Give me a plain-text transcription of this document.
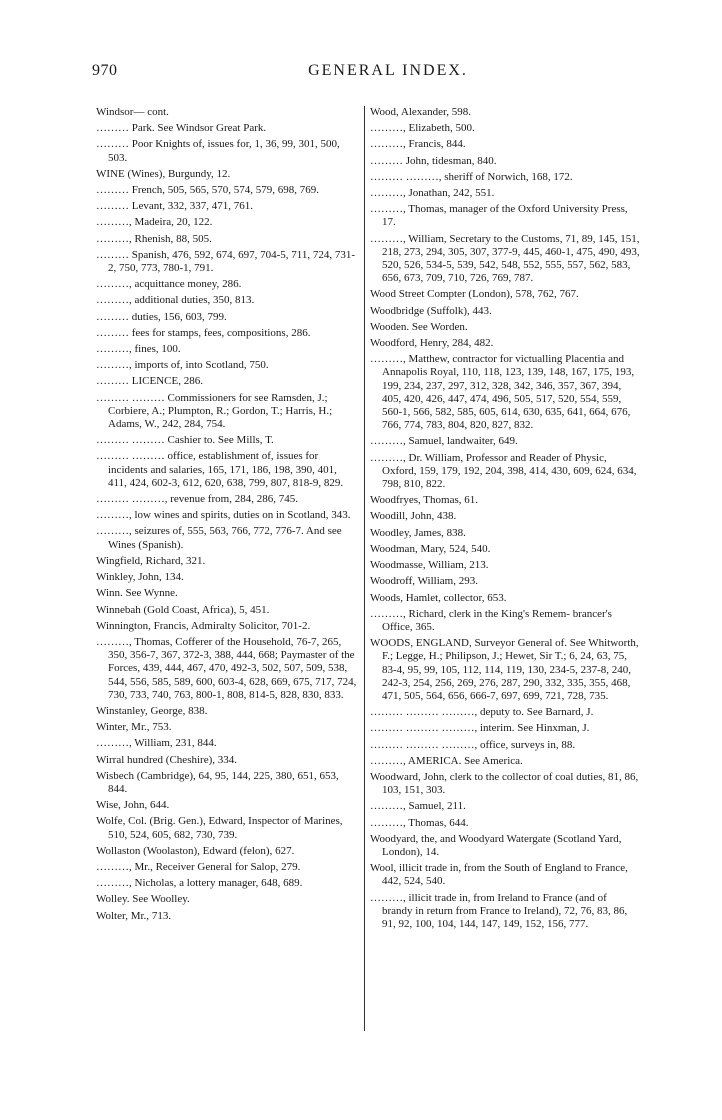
970	GENERAL INDEX.
Windsor— cont.
……… Park. See Windsor Great Park.
……… Poor Knights of, issues for, 1, 36, 99, 301, 500, 503.
WINE (Wines), Burgundy, 12.
……… French, 505, 565, 570, 574, 579, 698, 769.
……… Levant, 332, 337, 471, 761.
………, Madeira, 20, 122.
………, Rhenish, 88, 505.
……… Spanish, 476, 592, 674, 697, 704-5, 711, 724, 731-2, 750, 773, 780-1, 791.
………, acquittance money, 286.
………, additional duties, 350, 813.
……… duties, 156, 603, 799.
……… fees for stamps, fees, compositions, 286.
………, fines, 100.
………, imports of, into Scotland, 750.
……… LICENCE, 286.
……… ……… Commissioners for see Ramsden, J.; Corbiere, A.; Plumpton, R.; Gordon, T.; Harris, H.; Adams, W., 242, 284, 754.
……… ……… Cashier to. See Mills, T.
……… ……… office, establishment of, issues for incidents and salaries, 165, 171, 186, 198, 390, 401, 411, 424, 602-3, 612, 620, 638, 799, 807, 818-9, 829.
……… ………, revenue from, 284, 286, 745.
………, low wines and spirits, duties on in Scotland, 343.
………, seizures of, 555, 563, 766, 772, 776-7. And see Wines (Spanish).
Wingfield, Richard, 321.
Winkley, John, 134.
Winn. See Wynne.
Winnebah (Gold Coast, Africa), 5, 451.
Winnington, Francis, Admiralty Solicitor, 701-2.
………, Thomas, Cofferer of the Household, 76-7, 265, 350, 356-7, 367, 372-3, 388, 444, 668; Paymaster of the Forces, 439, 444, 467, 470, 492-3, 502, 507, 509, 538, 544, 556, 585, 589, 600, 603-4, 628, 669, 675, 717, 724, 730, 733, 740, 763, 800-1, 808, 814-5, 828, 830, 833.
Winstanley, George, 838.
Winter, Mr., 753.
………, William, 231, 844.
Wirral hundred (Cheshire), 334.
Wisbech (Cambridge), 64, 95, 144, 225, 380, 651, 653, 844.
Wise, John, 644.
Wolfe, Col. (Brig. Gen.), Edward, Inspector of Marines, 510, 524, 605, 682, 730, 739.
Wollaston (Woolaston), Edward (felon), 627.
………, Mr., Receiver General for Salop, 279.
………, Nicholas, a lottery manager, 648, 689.
Wolley. See Woolley.
Wolter, Mr., 713.
Wood, Alexander, 598.
………, Elizabeth, 500.
………, Francis, 844.
……… John, tidesman, 840.
……… ………, sheriff of Norwich, 168, 172.
………, Jonathan, 242, 551.
………, Thomas, manager of the Oxford University Press, 17.
………, William, Secretary to the Customs, 71, 89, 145, 151, 218, 273, 294, 305, 307, 377-9, 445, 460-1, 475, 490, 493, 520, 526, 534-5, 539, 542, 548, 552, 555, 557, 562, 583, 656, 673, 709, 710, 726, 769, 787.
Wood Street Compter (London), 578, 762, 767.
Woodbridge (Suffolk), 443.
Wooden. See Worden.
Woodford, Henry, 284, 482.
………, Matthew, contractor for victualling Placentia and Annapolis Royal, 110, 118, 123, 139, 148, 167, 175, 193, 199, 234, 237, 297, 312, 328, 342, 346, 357, 367, 394, 405, 420, 426, 447, 474, 496, 505, 517, 520, 554, 559, 560-1, 566, 582, 585, 605, 614, 630, 635, 641, 664, 676, 766, 774, 783, 804, 820, 827, 832.
………, Samuel, landwaiter, 649.
………, Dr. William, Professor and Reader of Physic, Oxford, 159, 179, 192, 204, 398, 414, 430, 609, 624, 634, 798, 810, 822.
Woodfryes, Thomas, 61.
Woodill, John, 438.
Woodley, James, 838.
Woodman, Mary, 524, 540.
Woodmasse, William, 213.
Woodroff, William, 293.
Woods, Hamlet, collector, 653.
………, Richard, clerk in the King's Remem- brancer's Office, 365.
WOODS, ENGLAND, Surveyor General of. See Whitworth, F.; Legge, H.; Philipson, J.; Hewet, Sir T.; 6, 24, 63, 75, 83-4, 95, 99, 105, 112, 114, 119, 130, 234-5, 237-8, 240, 242-3, 254, 256, 269, 276, 287, 290, 332, 335, 355, 468, 471, 505, 564, 656, 666-7, 697, 699, 721, 728, 735.
……… ……… ………, deputy to. See Barnard, J.
……… ……… ………, interim. See Hinxman, J.
……… ……… ………, office, surveys in, 88.
………, AMERICA. See America.
Woodward, John, clerk to the collector of coal duties, 81, 86, 103, 151, 303.
………, Samuel, 211.
………, Thomas, 644.
Woodyard, the, and Woodyard Watergate (Scotland Yard, London), 14.
Wool, illicit trade in, from the South of England to France, 442, 524, 540.
………, illicit trade in, from Ireland to France (and of brandy in return from France to Ireland), 72, 76, 83, 86, 91, 92, 100, 104, 144, 147, 149, 152, 156, 777.
